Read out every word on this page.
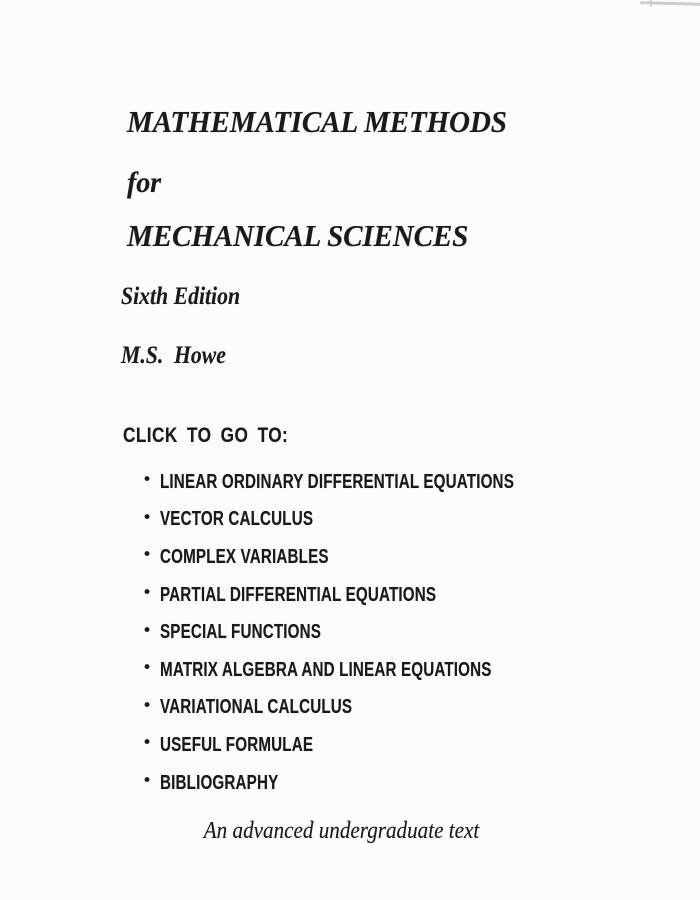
MATHEMATICAL METHODS
for
MECHANICAL SCIENCES
Sixth Edition
M.S. Howe
CLICK TO GO TO:
• LINEAR ORDINARY DIFFERENTIAL EQUATIONS
• VECTOR CALCULUS
• COMPLEX VARIABLES
• PARTIAL DIFFERENTIAL EQUATIONS
• SPECIAL FUNCTIONS
• MATRIX ALGEBRA AND LINEAR EQUATIONS
• VARIATIONAL CALCULUS
• USEFUL FORMULAE
• BIBLIOGRAPHY
An advanced undergraduate text
